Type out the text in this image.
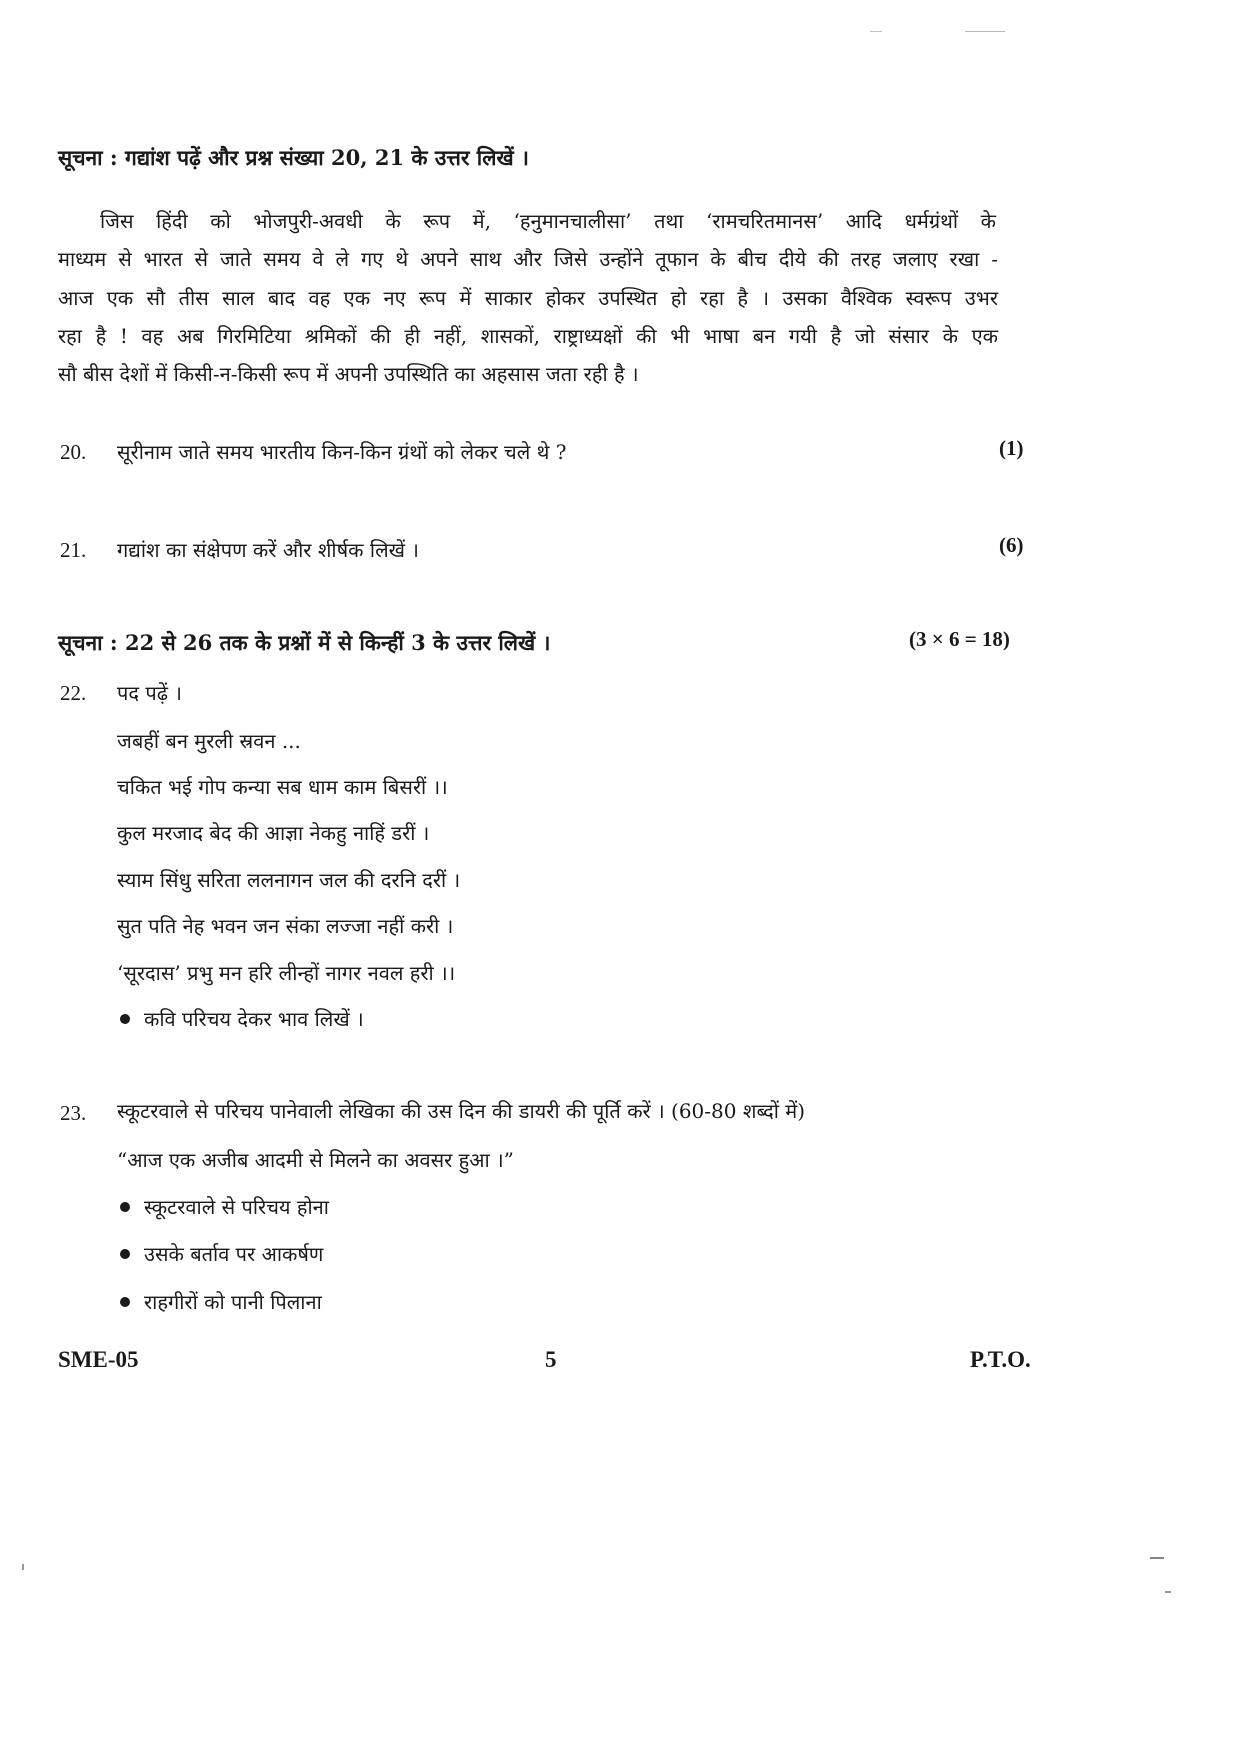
सूचना : गद्यांश पढ़ें और प्रश्न संख्या 20, 21 के उत्तर लिखें ।
जिस हिंदी को भोजपुरी-अवधी के रूप में, ‘हनुमानचालीसा’ तथा ‘रामचरितमानस’ आदि धर्मग्रंथों के
माध्यम से भारत से जाते समय वे ले गए थे अपने साथ और जिसे उन्होंने तूफान के बीच दीये की तरह जलाए रखा -
आज एक सौ तीस साल बाद वह एक नए रूप में साकार होकर उपस्थित हो रहा है । उसका वैश्विक स्वरूप उभर
रहा है ! वह अब गिरमिटिया श्रमिकों की ही नहीं, शासकों, राष्ट्राध्यक्षों की भी भाषा बन गयी है जो संसार के एक
सौ बीस देशों में किसी-न-किसी रूप में अपनी उपस्थिति का अहसास जता रही है ।
20. सूरीनाम जाते समय भारतीय किन-किन ग्रंथों को लेकर चले थे ?	(1)
21. गद्यांश का संक्षेपण करें और शीर्षक लिखें ।	(6)
सूचना : 22 से 26 तक के प्रश्नों में से किन्हीं 3 के उत्तर लिखें ।	(3 × 6 = 18)
22. पद पढ़ें ।
जबहीं बन मुरली स्रवन ...
चकित भई गोप कन्या सब धाम काम बिसरीं ।।
कुल मरजाद बेद की आज्ञा नेकहु नाहिं डरीं ।
स्याम सिंधु सरिता ललनागन जल की दरनि दरीं ।
सुत पति नेह भवन जन संका लज्जा नहीं करी ।
‘सूरदास’ प्रभु मन हरि लीन्हों नागर नवल हरी ।।
कवि परिचय देकर भाव लिखें ।
23. स्कूटरवाले से परिचय पानेवाली लेखिका की उस दिन की डायरी की पूर्ति करें । (60-80 शब्दों में)
“आज एक अजीब आदमी से मिलने का अवसर हुआ ।”
स्कूटरवाले से परिचय होना
उसके बर्ताव पर आकर्षण
राहगीरों को पानी पिलाना
SME-05	5	P.T.O.
